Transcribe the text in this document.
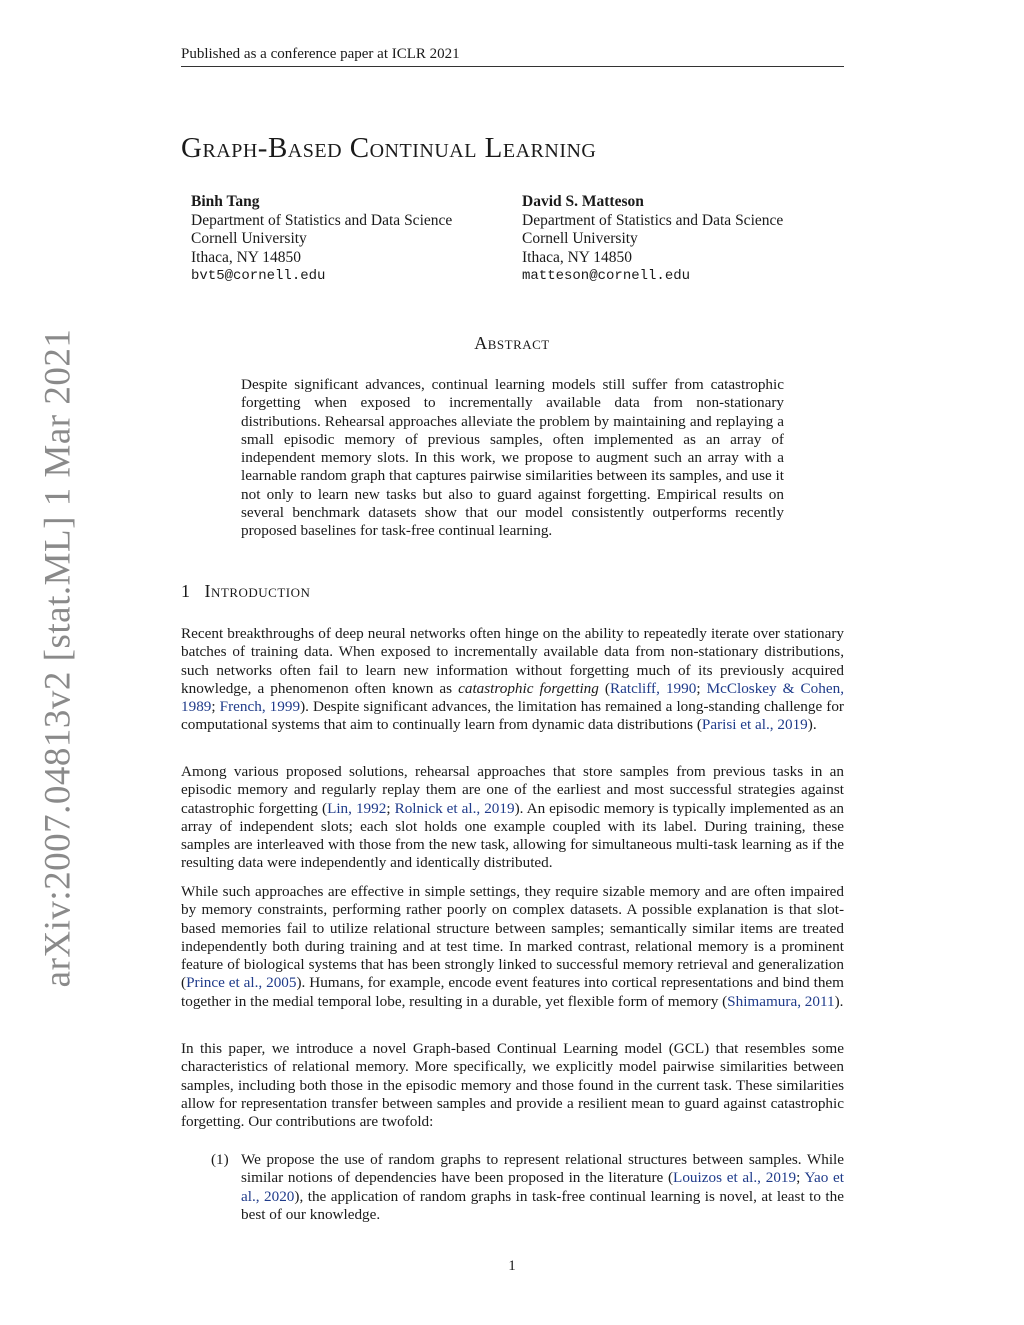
Published as a conference paper at ICLR 2021
arXiv:2007.04813v2 [stat.ML] 1 Mar 2021
Graph-Based Continual Learning
Binh Tang
Department of Statistics and Data Science
Cornell University
Ithaca, NY 14850
bvt5@cornell.edu
David S. Matteson
Department of Statistics and Data Science
Cornell University
Ithaca, NY 14850
matteson@cornell.edu
Abstract

Despite significant advances, continual learning models still suffer from catastrophic forgetting when exposed to incrementally available data from non-stationary distributions. Rehearsal approaches alleviate the problem by maintaining and replaying a small episodic memory of previous samples, often implemented as an array of independent memory slots. In this work, we propose to augment such an array with a learnable random graph that captures pairwise similarities between its samples, and use it not only to learn new tasks but also to guard against forgetting. Empirical results on several benchmark datasets show that our model consistently outperforms recently proposed baselines for task-free continual learning.

1 Introduction

Recent breakthroughs of deep neural networks often hinge on the ability to repeatedly iterate over stationary batches of training data. When exposed to incrementally available data from non-stationary distributions, such networks often fail to learn new information without forgetting much of its previously acquired knowledge, a phenomenon often known as catastrophic forgetting (Ratcliff, 1990; McCloskey & Cohen, 1989; French, 1999). Despite significant advances, the limitation has remained a long-standing challenge for computational systems that aim to continually learn from dynamic data distributions (Parisi et al., 2019).

Among various proposed solutions, rehearsal approaches that store samples from previous tasks in an episodic memory and regularly replay them are one of the earliest and most successful strategies against catastrophic forgetting (Lin, 1992; Rolnick et al., 2019). An episodic memory is typically implemented as an array of independent slots; each slot holds one example coupled with its label. During training, these samples are interleaved with those from the new task, allowing for simultaneous multi-task learning as if the resulting data were independently and identically distributed.

While such approaches are effective in simple settings, they require sizable memory and are often impaired by memory constraints, performing rather poorly on complex datasets. A possible explanation is that slot-based memories fail to utilize relational structure between samples; semantically similar items are treated independently both during training and at test time. In marked contrast, relational memory is a prominent feature of biological systems that has been strongly linked to successful memory retrieval and generalization (Prince et al., 2005). Humans, for example, encode event features into cortical representations and bind them together in the medial temporal lobe, resulting in a durable, yet flexible form of memory (Shimamura, 2011).

In this paper, we introduce a novel Graph-based Continual Learning model (GCL) that resembles some characteristics of relational memory. More specifically, we explicitly model pairwise similarities between samples, including both those in the episodic memory and those found in the current task. These similarities allow for representation transfer between samples and provide a resilient mean to guard against catastrophic forgetting. Our contributions are twofold:

(1) We propose the use of random graphs to represent relational structures between samples. While similar notions of dependencies have been proposed in the literature (Louizos et al., 2019; Yao et al., 2020), the application of random graphs in task-free continual learning is novel, at least to the best of our knowledge.
1
